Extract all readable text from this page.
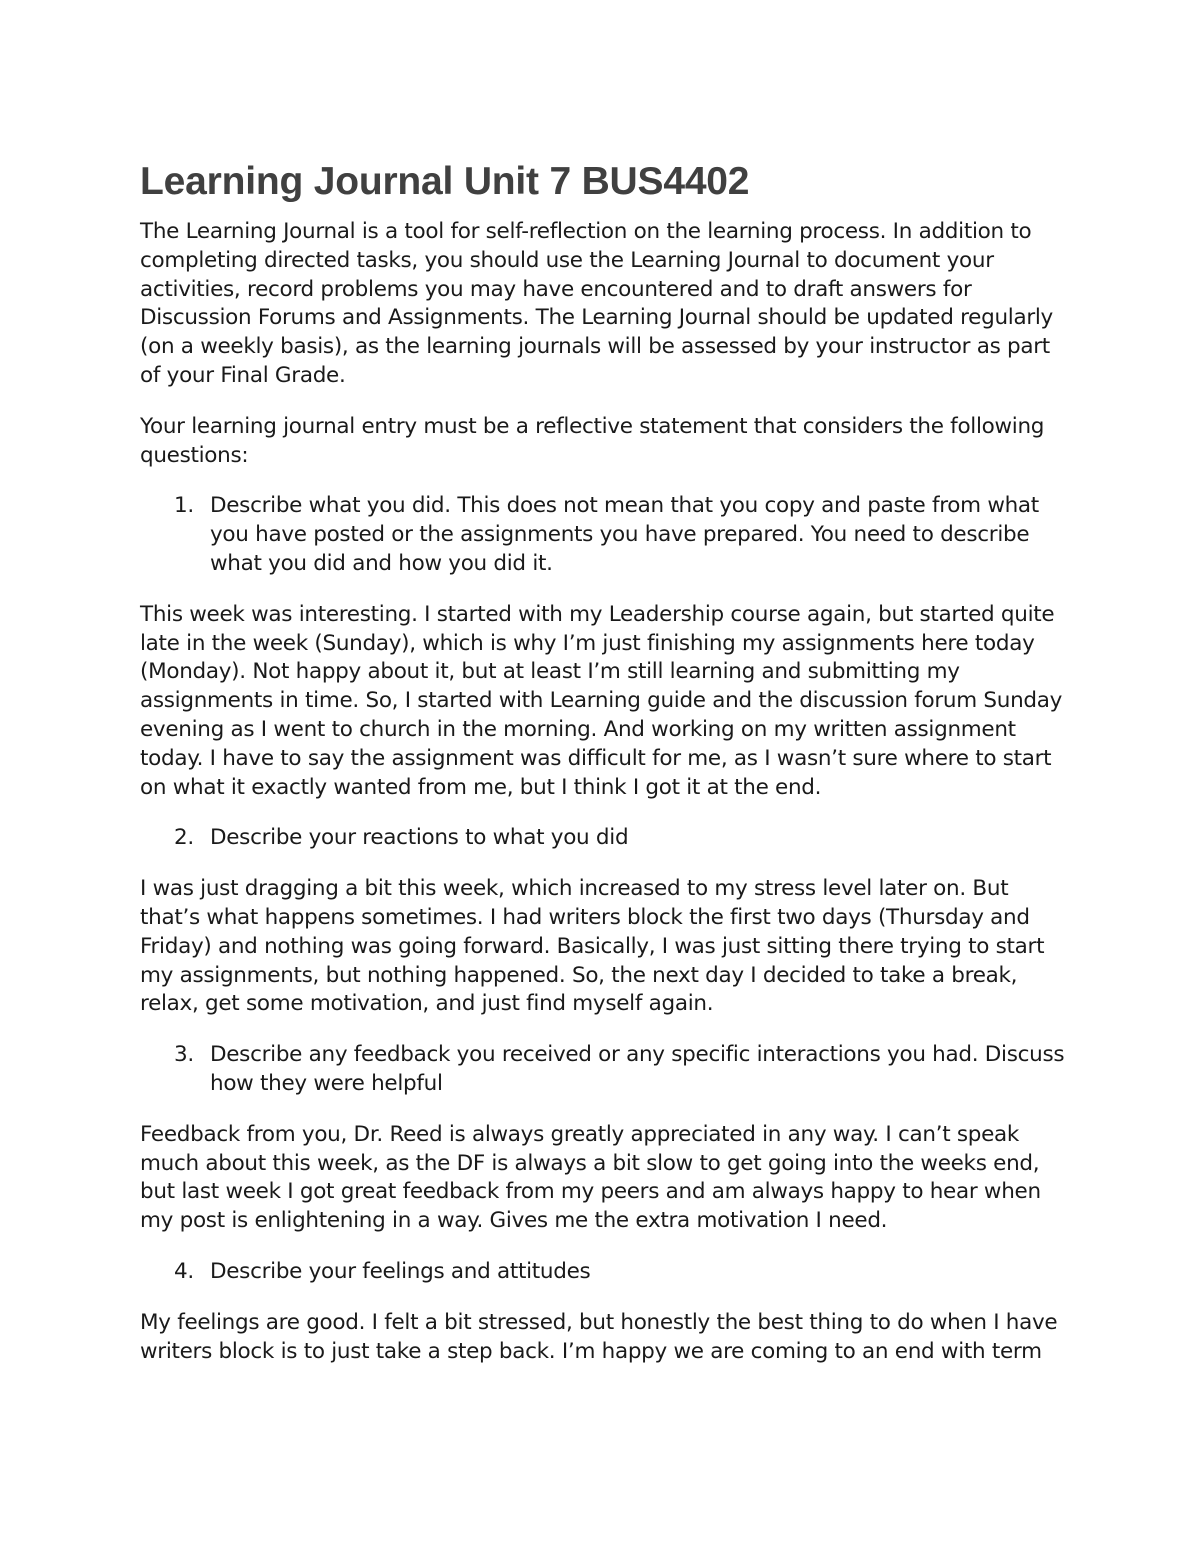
Learning Journal Unit 7 BUS4402

The Learning Journal is a tool for self-reflection on the learning process. In addition to completing directed tasks, you should use the Learning Journal to document your activities, record problems you may have encountered and to draft answers for Discussion Forums and Assignments. The Learning Journal should be updated regularly (on a weekly basis), as the learning journals will be assessed by your instructor as part of your Final Grade.

Your learning journal entry must be a reflective statement that considers the following questions:

1. Describe what you did. This does not mean that you copy and paste from what you have posted or the assignments you have prepared. You need to describe what you did and how you did it.

This week was interesting. I started with my Leadership course again, but started quite late in the week (Sunday), which is why I’m just finishing my assignments here today (Monday). Not happy about it, but at least I’m still learning and submitting my assignments in time. So, I started with Learning guide and the discussion forum Sunday evening as I went to church in the morning. And working on my written assignment today. I have to say the assignment was difficult for me, as I wasn’t sure where to start on what it exactly wanted from me, but I think I got it at the end.

2. Describe your reactions to what you did

I was just dragging a bit this week, which increased to my stress level later on. But that’s what happens sometimes. I had writers block the first two days (Thursday and Friday) and nothing was going forward. Basically, I was just sitting there trying to start my assignments, but nothing happened. So, the next day I decided to take a break, relax, get some motivation, and just find myself again.

3. Describe any feedback you received or any specific interactions you had. Discuss how they were helpful

Feedback from you, Dr. Reed is always greatly appreciated in any way. I can’t speak much about this week, as the DF is always a bit slow to get going into the weeks end, but last week I got great feedback from my peers and am always happy to hear when my post is enlightening in a way. Gives me the extra motivation I need.

4. Describe your feelings and attitudes

My feelings are good. I felt a bit stressed, but honestly the best thing to do when I have writers block is to just take a step back. I’m happy we are coming to an end with term
